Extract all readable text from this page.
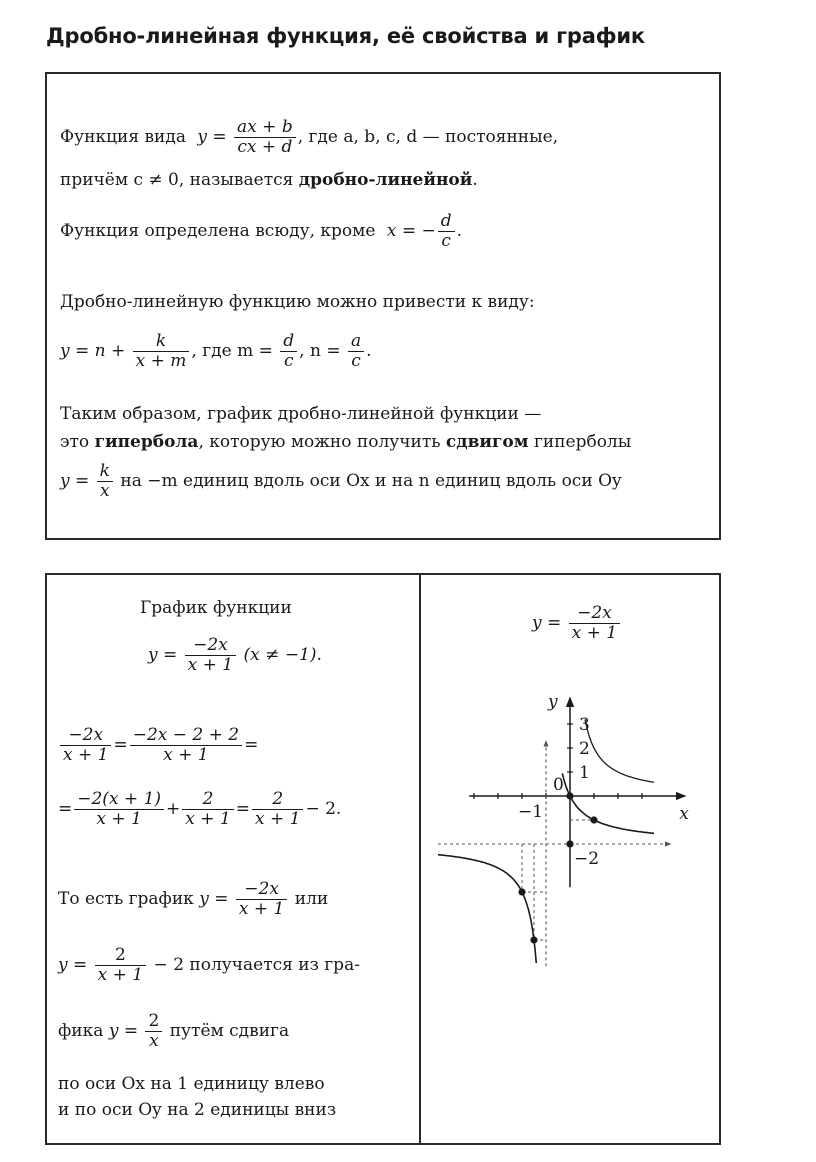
Дробно-линейная функция, её свойства и график
Функция вида $y = \frac{ax + b}{cx + d}$ , где a, b, c, d — постоянные,
причём c ≠ 0, называется дробно-линейной.
Функция определена всюду, кроме x = − $\frac{d}{c}$ .
Дробно-линейную функцию можно привести к виду:
$y = n + \frac{k}{x + m}$ , где $m = \frac{d}{c}$ , $n = \frac{a}{c}$ .
Таким образом, график дробно-линейной функции —
это гипербола, которую можно получить сдвигом гиперболы
$y = \frac{k}{x}$ на −m единиц вдоль оси Ox и на n единиц вдоль оси Oy
График функции
$y = \frac{-2x}{x + 1} (x \ne -1)$.
$\frac{-2x}{x + 1} = \frac{-2x - 2 + 2}{x + 1}$ =
= $\frac{-2(x + 1)}{x + 1} + \frac{2}{x + 1} = \frac{2}{x + 1} - 2$.
То есть график $y = \frac{-2x}{x + 1}$ или
$y = \frac{2}{x + 1} - 2$ получается из гра-
фика $y = \frac{2}{x}$ путём сдвига
по оси Ox на 1 единицу влево
и по оси Oy на 2 единицы вниз
$y = \frac{-2x}{x + 1}$
x
y
0
3
2
1
−1
−2
